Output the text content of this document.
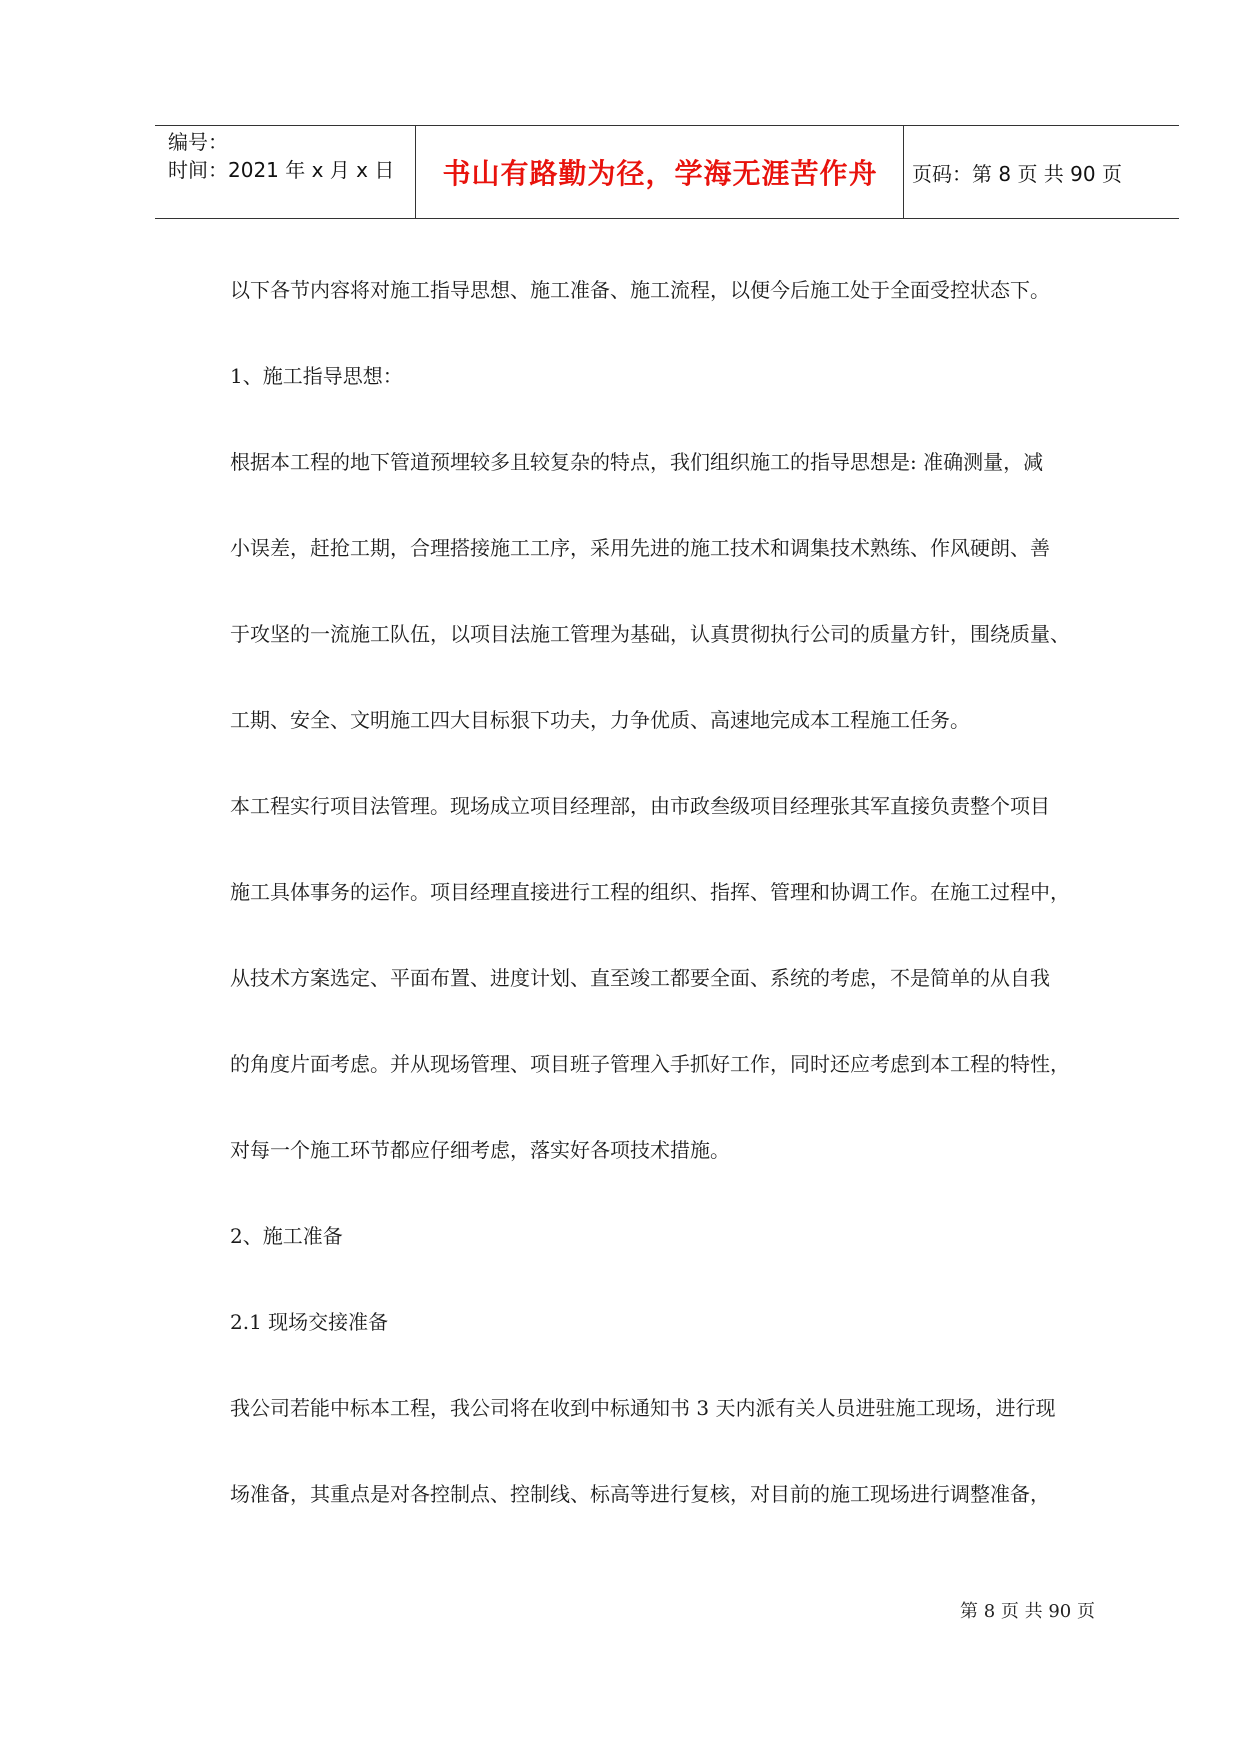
编号：
时间：2021 年 x 月 x 日	书山有路勤为径，学海无涯苦作舟	页码：第 8 页 共 90 页

以下各节内容将对施工指导思想、施工准备、施工流程，以便今后施工处于全面受控状态下。

1、施工指导思想：

根据本工程的地下管道预埋较多且较复杂的特点，我们组织施工的指导思想是: 准确测量，减

小误差，赶抢工期，合理搭接施工工序，采用先进的施工技术和调集技术熟练、作风硬朗、善

于攻坚的一流施工队伍，以项目法施工管理为基础，认真贯彻执行公司的质量方针，围绕质量、

工期、安全、文明施工四大目标狠下功夫，力争优质、高速地完成本工程施工任务。

本工程实行项目法管理。现场成立项目经理部，由市政叁级项目经理张其军直接负责整个项目

施工具体事务的运作。项目经理直接进行工程的组织、指挥、管理和协调工作。在施工过程中，

从技术方案选定、平面布置、进度计划、直至竣工都要全面、系统的考虑，不是简单的从自我

的角度片面考虑。并从现场管理、项目班子管理入手抓好工作，同时还应考虑到本工程的特性，

对每一个施工环节都应仔细考虑，落实好各项技术措施。

2、施工准备

2.1 现场交接准备

我公司若能中标本工程，我公司将在收到中标通知书 3 天内派有关人员进驻施工现场，进行现

场准备，其重点是对各控制点、控制线、标高等进行复核，对目前的施工现场进行调整准备，

第 8 页 共 90 页
